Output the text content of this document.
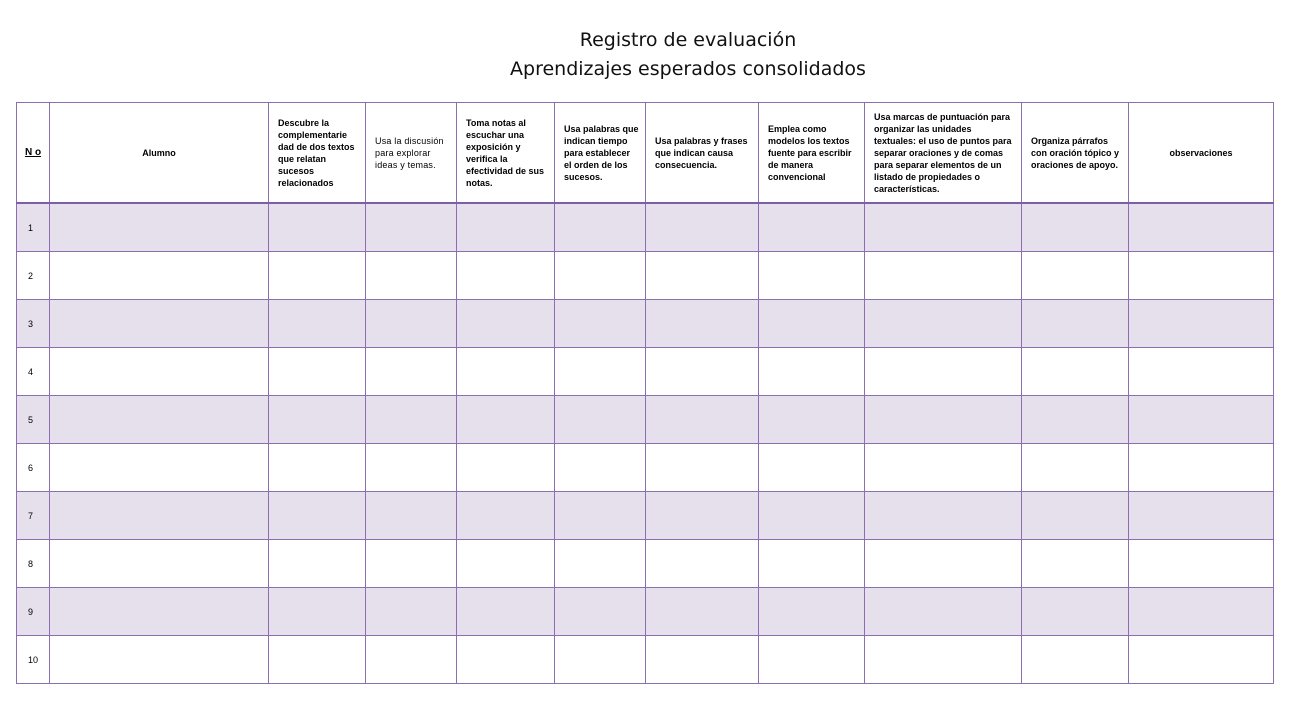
Registro de evaluación
Aprendizajes esperados consolidados
N o	Alumno	Descubre la complementarie dad de dos textos que relatan sucesos relacionados	Usa la discusión para explorar ideas y temas.	Toma notas al escuchar una exposición y verifica la efectividad de sus notas.	Usa palabras que indican tiempo para establecer el orden de los sucesos.	Usa palabras y frases que indican causa consecuencia.	Emplea como modelos los textos fuente para escribir de manera convencional	Usa marcas de puntuación para organizar las unidades textuales: el uso de puntos para separar oraciones y de comas para separar elementos de un listado de propiedades o características.	Organiza párrafos con oración tópico y oraciones de apoyo.	observaciones
1										
2										
3										
4										
5										
6										
7										
8										
9										
10										
